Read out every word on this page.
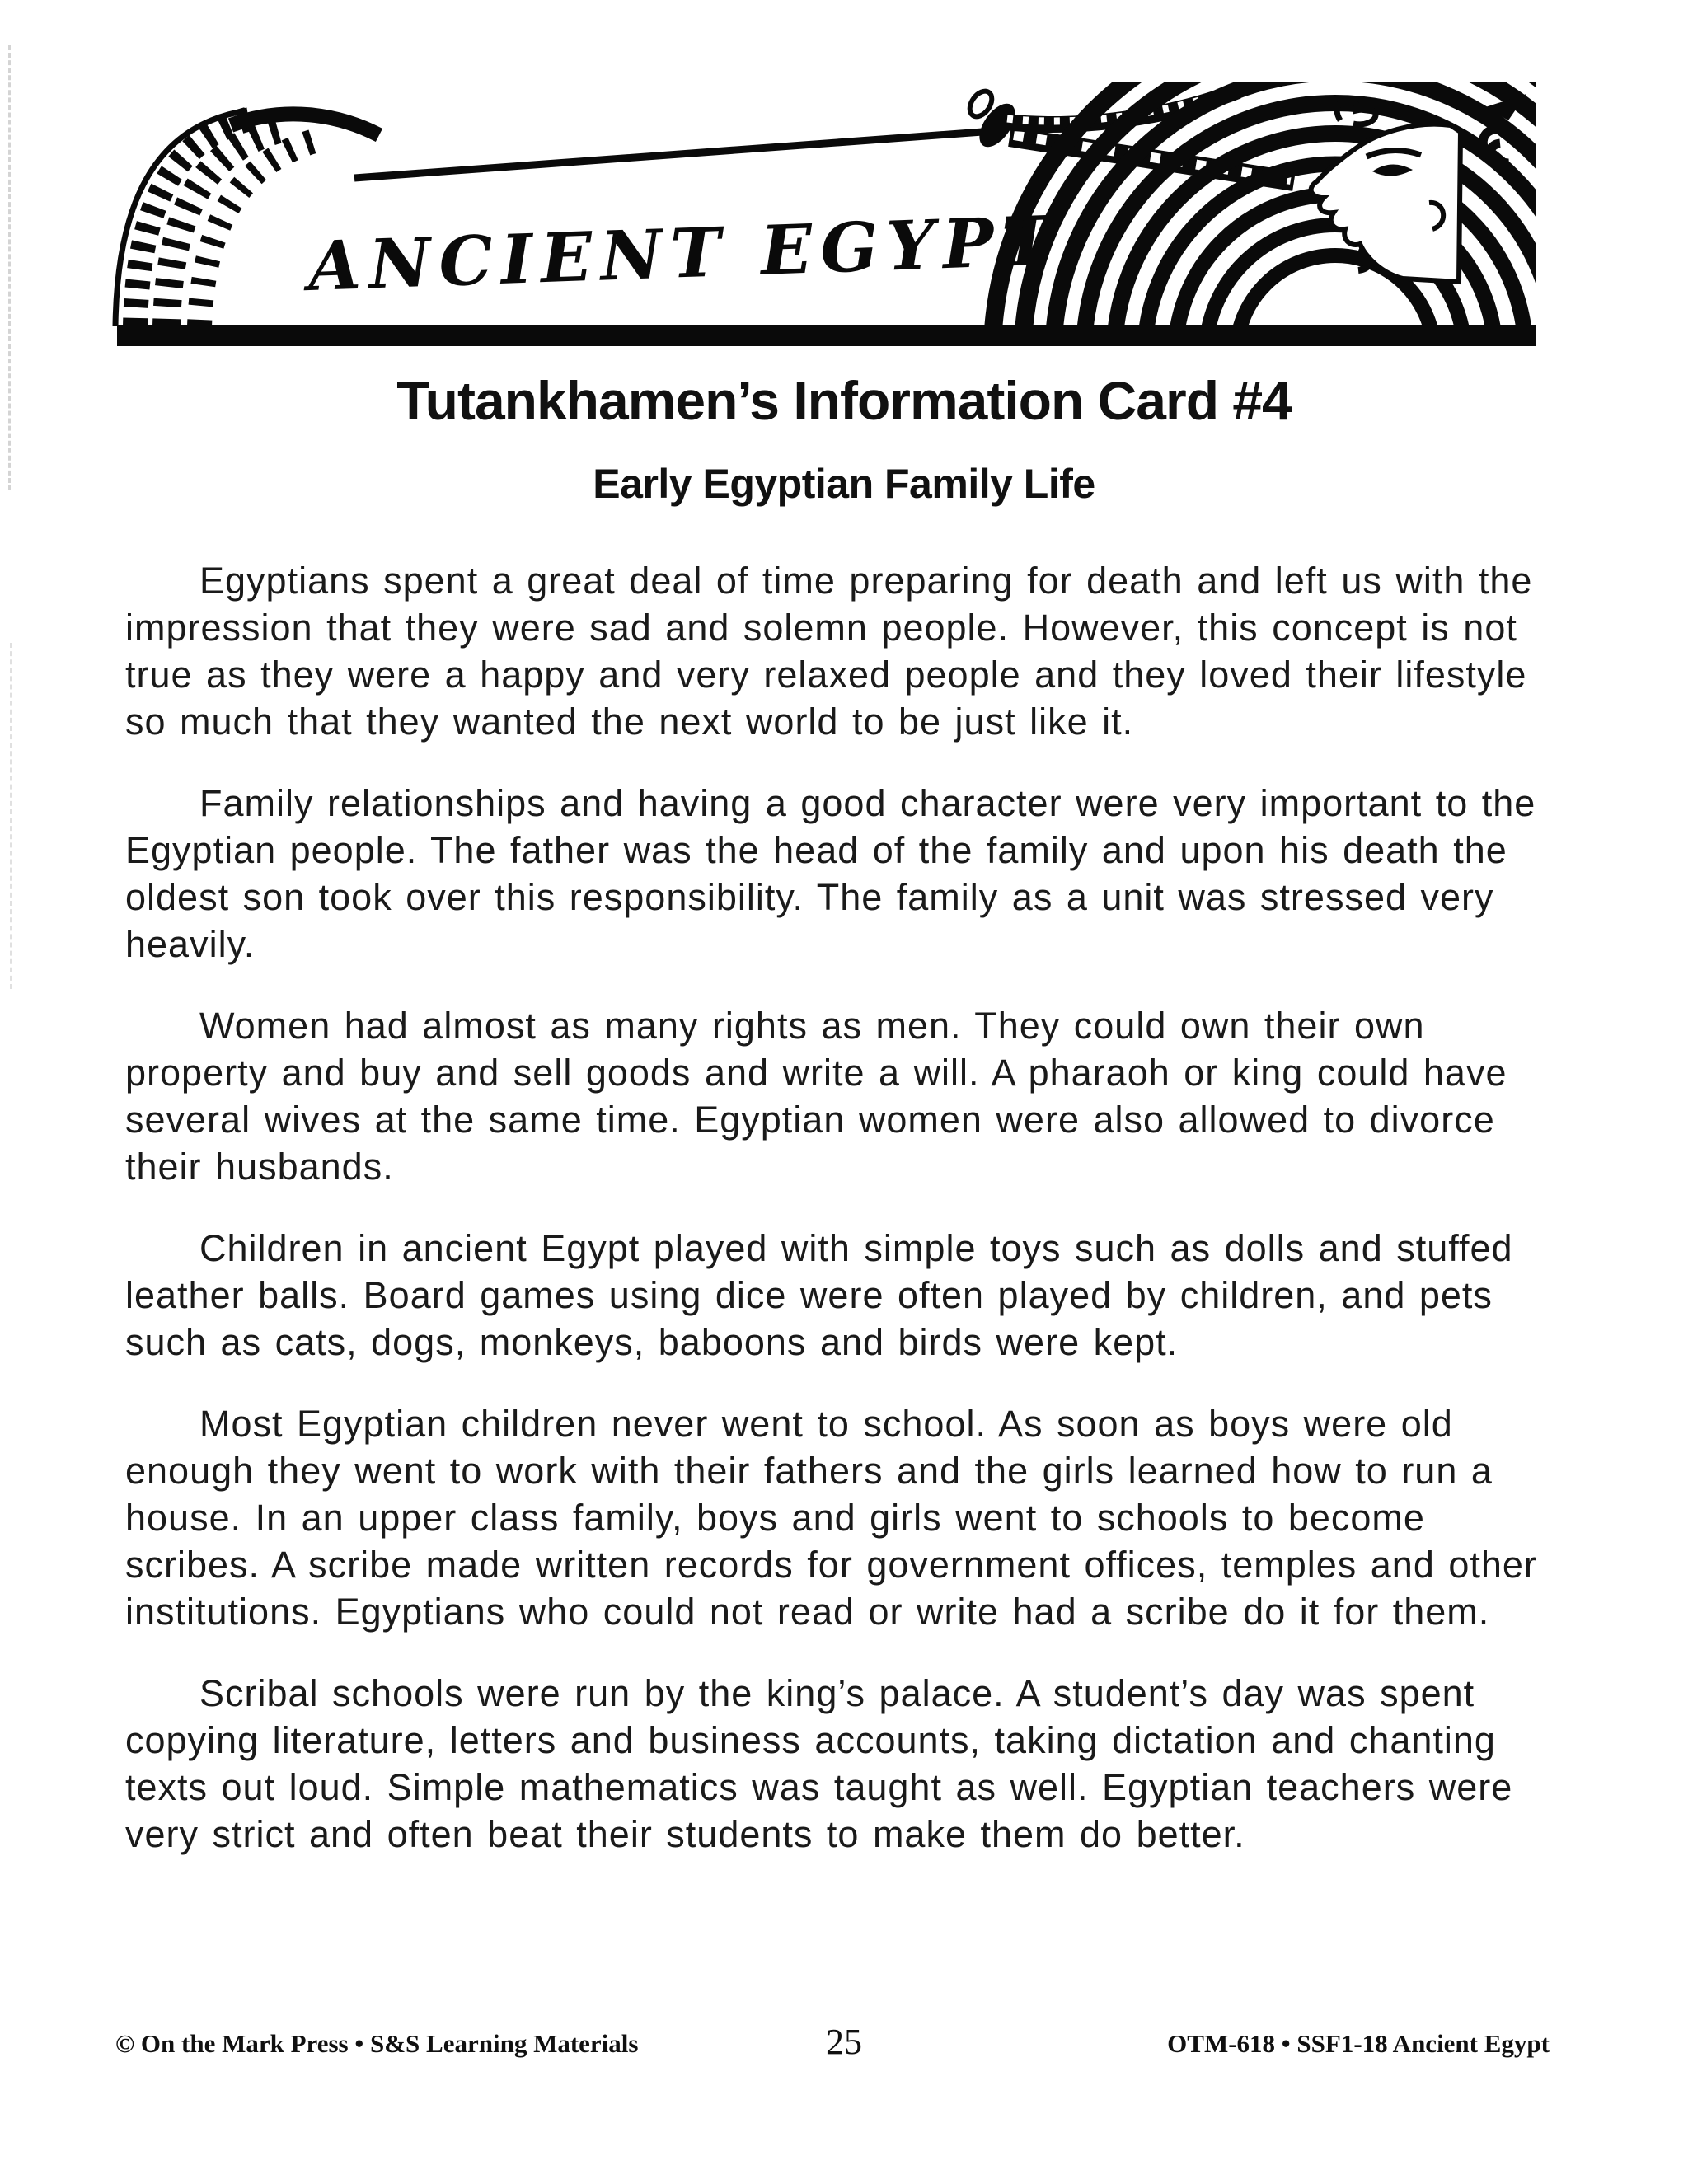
ANCIENT EGYPT
Tutankhamen’s Information Card #4
Early Egyptian Family Life

Egyptians spent a great deal of time preparing for death and left us with the impression that they were sad and solemn people. However, this concept is not true as they were a happy and very relaxed people and they loved their lifestyle so much that they wanted the next world to be just like it.

Family relationships and having a good character were very important to the Egyptian people. The father was the head of the family and upon his death the oldest son took over this responsibility. The family as a unit was stressed very heavily.

Women had almost as many rights as men. They could own their own property and buy and sell goods and write a will. A pharaoh or king could have several wives at the same time. Egyptian women were also allowed to divorce their husbands.

Children in ancient Egypt played with simple toys such as dolls and stuffed leather balls. Board games using dice were often played by children, and pets such as cats, dogs, monkeys, baboons and birds were kept.

Most Egyptian children never went to school. As soon as boys were old enough they went to work with their fathers and the girls learned how to run a house. In an upper class family, boys and girls went to schools to become scribes. A scribe made written records for government offices, temples and other institutions. Egyptians who could not read or write had a scribe do it for them.

Scribal schools were run by the king’s palace. A student’s day was spent copying literature, letters and business accounts, taking dictation and chanting texts out loud. Simple mathematics was taught as well. Egyptian teachers were very strict and often beat their students to make them do better.

25
© On the Mark Press • S&S Learning Materials	OTM-618 • SSF1-18 Ancient Egypt
